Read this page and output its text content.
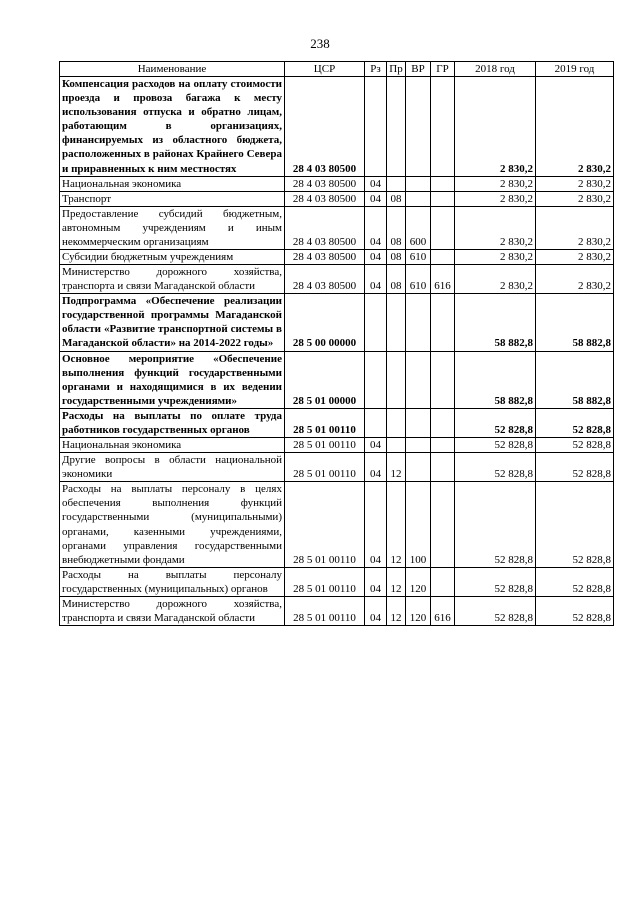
238
Наименование	ЦСР	Рз	Пр	ВР	ГР	2018 год	2019 год
Компенсация расходов на оплату стоимости проезда и провоза багажа к месту использования отпуска и обратно лицам, работающим в организациях, финансируемых из областного бюджета, расположенных в районах Крайнего Севера и приравненных к ним местностях	28 4 03 80500					2 830,2	2 830,2
Национальная экономика	28 4 03 80500	04				2 830,2	2 830,2
Транспорт	28 4 03 80500	04	08			2 830,2	2 830,2
Предоставление субсидий бюджетным, автономным учреждениям и иным некоммерческим организациям	28 4 03 80500	04	08	600		2 830,2	2 830,2
Субсидии бюджетным учреждениям	28 4 03 80500	04	08	610		2 830,2	2 830,2
Министерство дорожного хозяйства, транспорта и связи Магаданской области	28 4 03 80500	04	08	610	616	2 830,2	2 830,2
Подпрограмма «Обеспечение реализации государственной программы Магаданской области «Развитие транспортной системы в Магаданской области» на 2014-2022 годы»	28 5 00 00000					58 882,8	58 882,8
Основное мероприятие «Обеспечение выполнения функций государственными органами и находящимися в их ведении государственными учреждениями»	28 5 01 00000					58 882,8	58 882,8
Расходы на выплаты по оплате труда работников государственных органов	28 5 01 00110					52 828,8	52 828,8
Национальная экономика	28 5 01 00110	04				52 828,8	52 828,8
Другие вопросы в области национальной экономики	28 5 01 00110	04	12			52 828,8	52 828,8
Расходы на выплаты персоналу в целях обеспечения выполнения функций государственными (муниципальными) органами, казенными учреждениями, органами управления государственными внебюджетными фондами	28 5 01 00110	04	12	100		52 828,8	52 828,8
Расходы на выплаты персоналу государственных (муниципальных) органов	28 5 01 00110	04	12	120		52 828,8	52 828,8
Министерство дорожного хозяйства, транспорта и связи Магаданской области	28 5 01 00110	04	12	120	616	52 828,8	52 828,8
